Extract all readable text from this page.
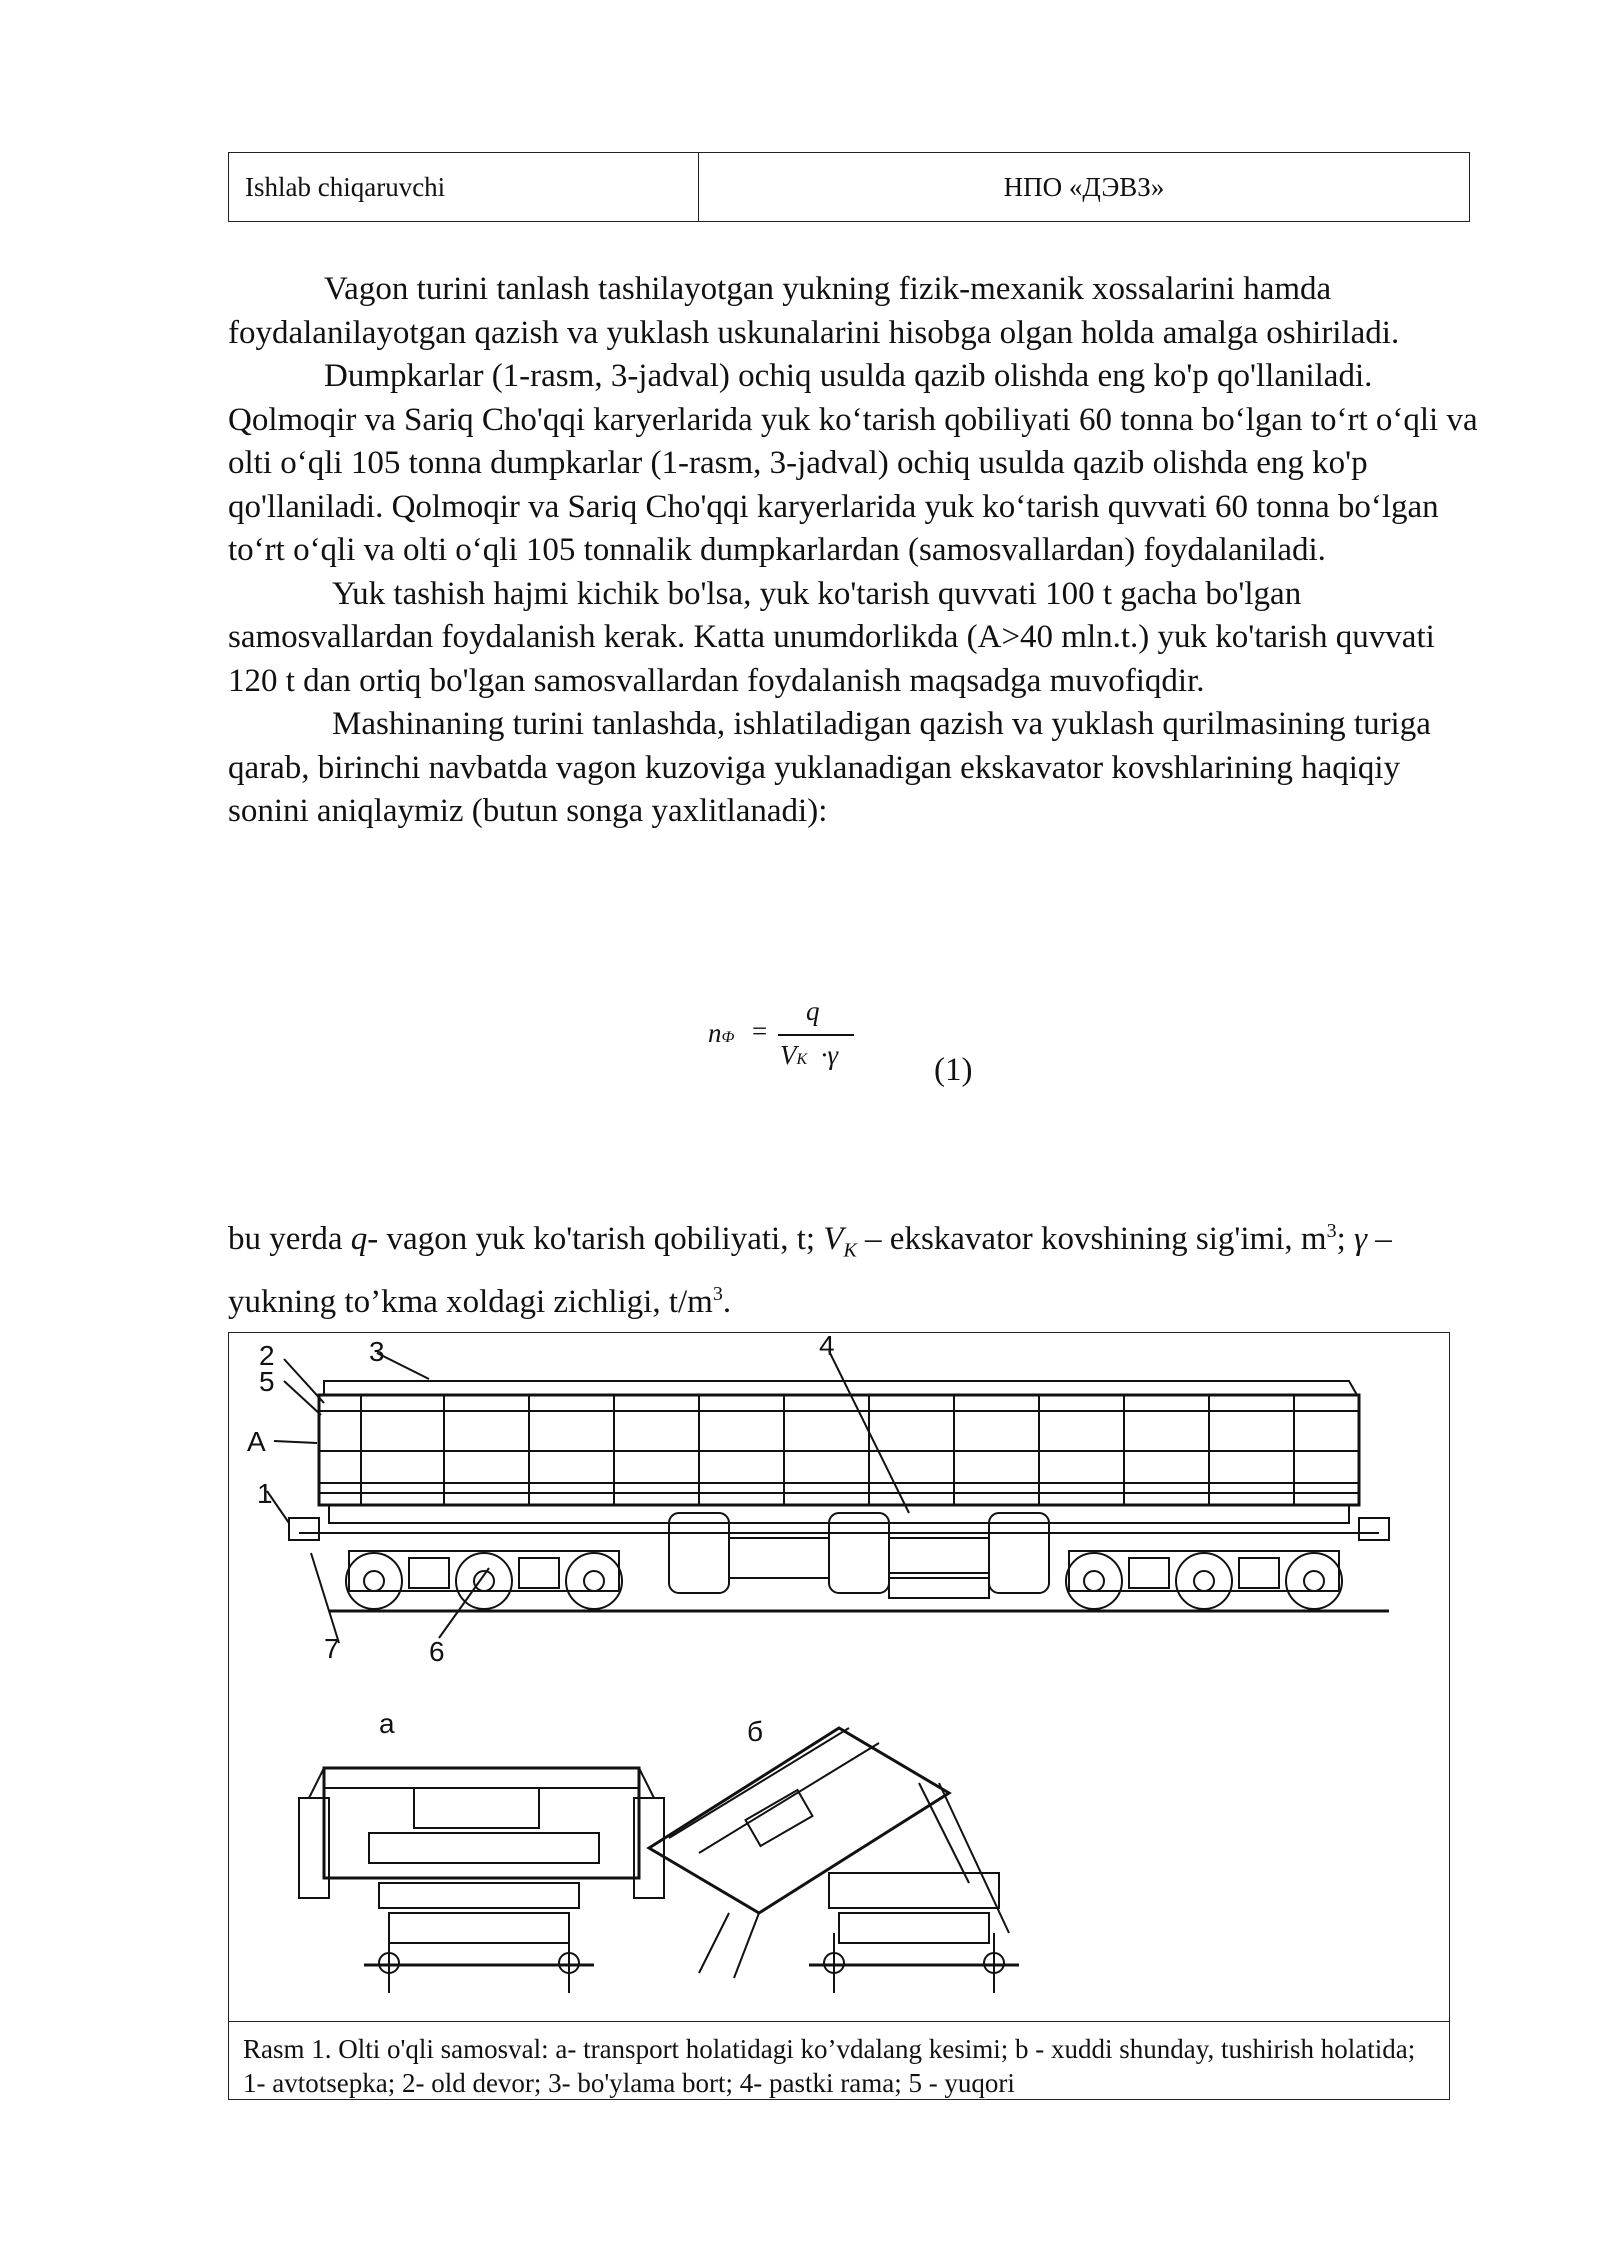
Ishlab chiqaruvchi	НПО «ДЭВЗ»

Vagon turini tanlash tashilayotgan yukning fizik-mexanik xossalarini hamda foydalanilayotgan qazish va yuklash uskunalarini hisobga olgan holda amalga oshiriladi.

Dumpkarlar (1-rasm, 3-jadval) ochiq usulda qazib olishda eng ko'p qo'llaniladi. Qolmoqir va Sariq Cho'qqi karyerlarida yuk ko‘tarish qobiliyati 60 tonna bo‘lgan to‘rt o‘qli va olti o‘qli 105 tonna dumpkarlar (1-rasm, 3-jadval) ochiq usulda qazib olishda eng ko'p qo'llaniladi. Qolmoqir va Sariq Cho'qqi karyerlarida yuk ko‘tarish quvvati 60 tonna bo‘lgan to‘rt o‘qli va olti o‘qli 105 tonnalik dumpkarlardan (samosvallardan) foydalaniladi.

Yuk tashish hajmi kichik bo'lsa, yuk ko'tarish quvvati 100 t gacha bo'lgan samosvallardan foydalanish kerak. Katta unumdorlikda (A>40 mln.t.) yuk ko'tarish quvvati 120 t dan ortiq bo'lgan samosvallardan foydalanish maqsadga muvofiqdir.

Mashinaning turini tanlashda, ishlatiladigan qazish va yuklash qurilmasining turiga qarab, birinchi navbatda vagon kuzoviga yuklanadigan ekskavator kovshlarining haqiqiy sonini aniqlaymiz (butun songa yaxlitlanadi):

nФ =
q
VK ·γ	(1)
bu yerda q- vagon yuk ko'tarish qobiliyati, t; $V_K$ – ekskavator kovshining sig'imi, $m^3$; γ – yukning to’kma xoldagi zichligi, $t/m^3$.
3
2
5
A
1
4
7	6
а	б
Rasm 1. Olti o'qli samosval: a- transport holatidagi ko’vdalang kesimi; b - xuddi shunday, tushirish holatida; 1- avtotsepka; 2- old devor; 3- bo'ylama bort; 4- pastki rama; 5 - yuqori
